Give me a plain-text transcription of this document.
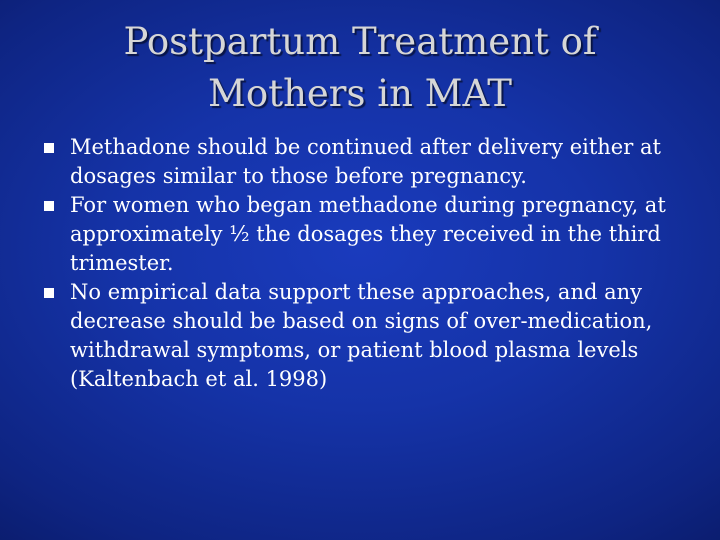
Postpartum Treatment of
Mothers in MAT
Methadone should be continued after delivery either at dosages similar to those before pregnancy.
For women who began methadone during pregnancy, at approximately ½ the dosages they received in the third trimester.
No empirical data support these approaches, and any decrease should be based on signs of over-medication, withdrawal symptoms, or patient blood plasma levels (Kaltenbach et al. 1998)
